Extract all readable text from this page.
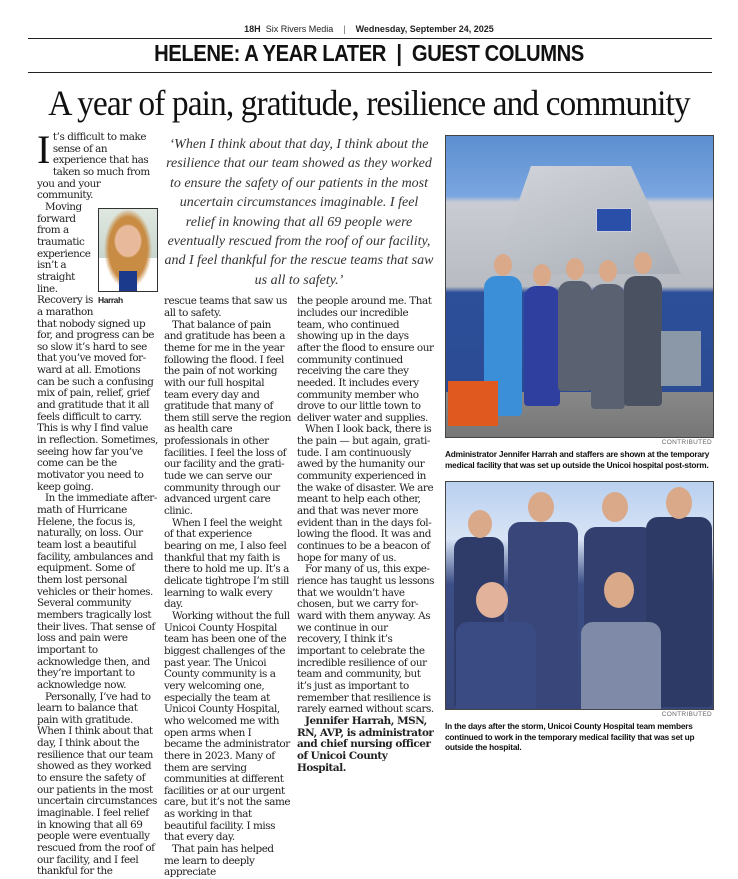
18H Six Rivers Media | Wednesday, September 24, 2025
HELENE: A YEAR LATER  |  GUEST COLUMNS
A year of pain, gratitude, resilience and community

It’s difficult to make sense of an experience that has taken so much from you and your community.

Harrah
Moving forward from a traumatic experience isn’t a straight line. Recovery is a marathon that nobody signed up for, and progress can be so slow it’s hard to see that you’ve moved forward at all. Emotions can be such a confusing mix of pain, relief, grief and gratitude that it all feels difficult to carry. This is why I find value in reflection. Sometimes, seeing how far you’ve come can be the motivator you need to keep going.

In the immediate aftermath of Hurricane Helene, the focus is, naturally, on loss. Our team lost a beautiful facility, ambulances and equipment. Some of them lost personal vehicles or their homes. Several community members tragically lost their lives. That sense of loss and pain were important to acknowledge then, and they’re important to acknowledge now.

Personally, I’ve had to learn to balance that pain with gratitude. When I think about that day, I think about the resilience that our team showed as they worked to ensure the safety of our patients in the most uncertain circumstances imaginable. I feel relief in knowing that all 69 people were eventually rescued from the roof of our facility, and I feel thankful for the

‘When I think about that day, I think about the resilience that our team showed as they worked to ensure the safety of our patients in the most uncertain circumstances imaginable. I feel relief in knowing that all 69 people were eventually rescued from the roof of our facility, and I feel thankful for the rescue teams that saw us all to safety.’

rescue teams that saw us all to safety.

That balance of pain and gratitude has been a theme for me in the year following the flood. I feel the pain of not working with our full hospital team every day and gratitude that many of them still serve the region as health care professionals in other facilities. I feel the loss of our facility and the gratitude we can serve our community through our advanced urgent care clinic.

When I feel the weight of that experience bearing on me, I also feel thankful that my faith is there to hold me up. It’s a delicate tightrope I’m still learning to walk every day.

Working without the full Unicoi County Hospital team has been one of the biggest challenges of the past year. The Unicoi County community is a very welcoming one, especially the team at Unicoi County Hospital, who welcomed me with open arms when I became the administrator there in 2023. Many of them are serving communities at different facilities or at our urgent care, but it’s not the same as working in that beautiful facility. I miss that every day.

That pain has helped me learn to deeply appreciate

the people around me. That includes our incredible team, who continued showing up in the days after the flood to ensure our community continued receiving the care they needed. It includes every community member who drove to our little town to deliver water and supplies.

When I look back, there is the pain — but again, gratitude. I am continuously awed by the humanity our community experienced in the wake of disaster. We are meant to help each other, and that was never more evident than in the days following the flood. It was and continues to be a beacon of hope for many of us.

For many of us, this experience has taught us lessons that we wouldn’t have chosen, but we carry forward with them anyway. As we continue in our recovery, I think it’s important to celebrate the incredible resilience of our team and community, but it’s just as important to remember that resilience is rarely earned without scars.

Jennifer Harrah, MSN, RN, AVP, is administrator and chief nursing officer of Unicoi County Hospital.

CONTRIBUTED
Administrator Jennifer Harrah and staffers are shown at the temporary medical facility that was set up outside the Unicoi hospital post-storm.
CONTRIBUTED
In the days after the storm, Unicoi County Hospital team members continued to work in the temporary medical facility that was set up outside the hospital.
